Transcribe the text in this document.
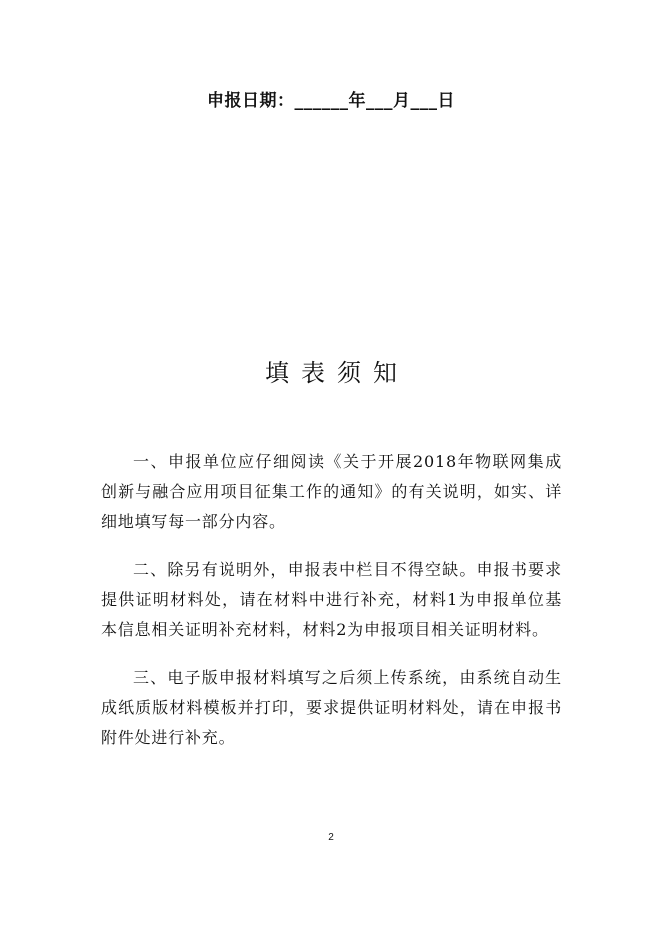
申报日期：______年___月___日
填表须知

一、申报单位应仔细阅读《关于开展2018年物联网集成创新与融合应用项目征集工作的通知》的有关说明，如实、详细地填写每一部分内容。

二、除另有说明外，申报表中栏目不得空缺。申报书要求提供证明材料处，请在材料中进行补充，材料1为申报单位基本信息相关证明补充材料，材料2为申报项目相关证明材料。

三、电子版申报材料填写之后须上传系统，由系统自动生成纸质版材料模板并打印，要求提供证明材料处，请在申报书附件处进行补充。

2
